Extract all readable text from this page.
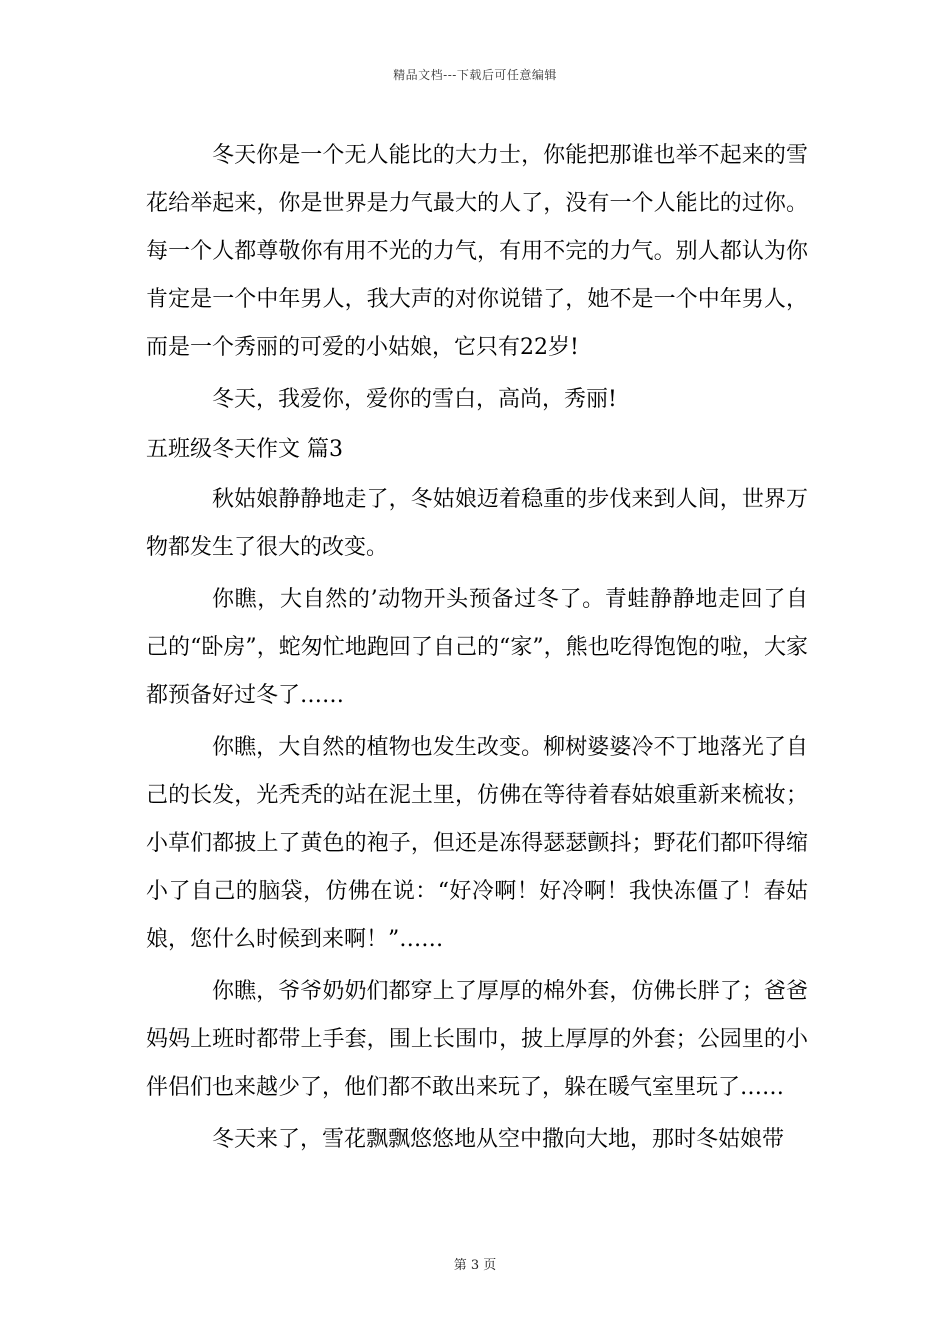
精品文档---下载后可任意编辑

冬天你是一个无人能比的大力士，你能把那谁也举不起来的雪花给举起来，你是世界是力气最大的人了，没有一个人能比的过你。每一个人都尊敬你有用不光的力气，有用不完的力气。别人都认为你肯定是一个中年男人，我大声的对你说错了，她不是一个中年男人，而是一个秀丽的可爱的小姑娘，它只有22岁!

冬天，我爱你，爱你的雪白，高尚，秀丽!

五班级冬天作文 篇3

秋姑娘静静地走了，冬姑娘迈着稳重的步伐来到人间，世界万物都发生了很大的改变。

你瞧，大自然的’动物开头预备过冬了。青蛙静静地走回了自己的“卧房”，蛇匆忙地跑回了自己的“家”，熊也吃得饱饱的啦，大家都预备好过冬了……

你瞧，大自然的植物也发生改变。柳树婆婆冷不丁地落光了自己的长发，光秃秃的站在泥土里，仿佛在等待着春姑娘重新来梳妆；小草们都披上了黄色的袍子，但还是冻得瑟瑟颤抖；野花们都吓得缩小了自己的脑袋，仿佛在说：“好冷啊！好冷啊！我快冻僵了！春姑娘，您什么时候到来啊！”……

你瞧，爷爷奶奶们都穿上了厚厚的棉外套，仿佛长胖了；爸爸妈妈上班时都带上手套，围上长围巾，披上厚厚的外套；公园里的小伴侣们也来越少了，他们都不敢出来玩了，躲在暖气室里玩了……

冬天来了，雪花飘飘悠悠地从空中撒向大地，那时冬姑娘带

第 3 页
